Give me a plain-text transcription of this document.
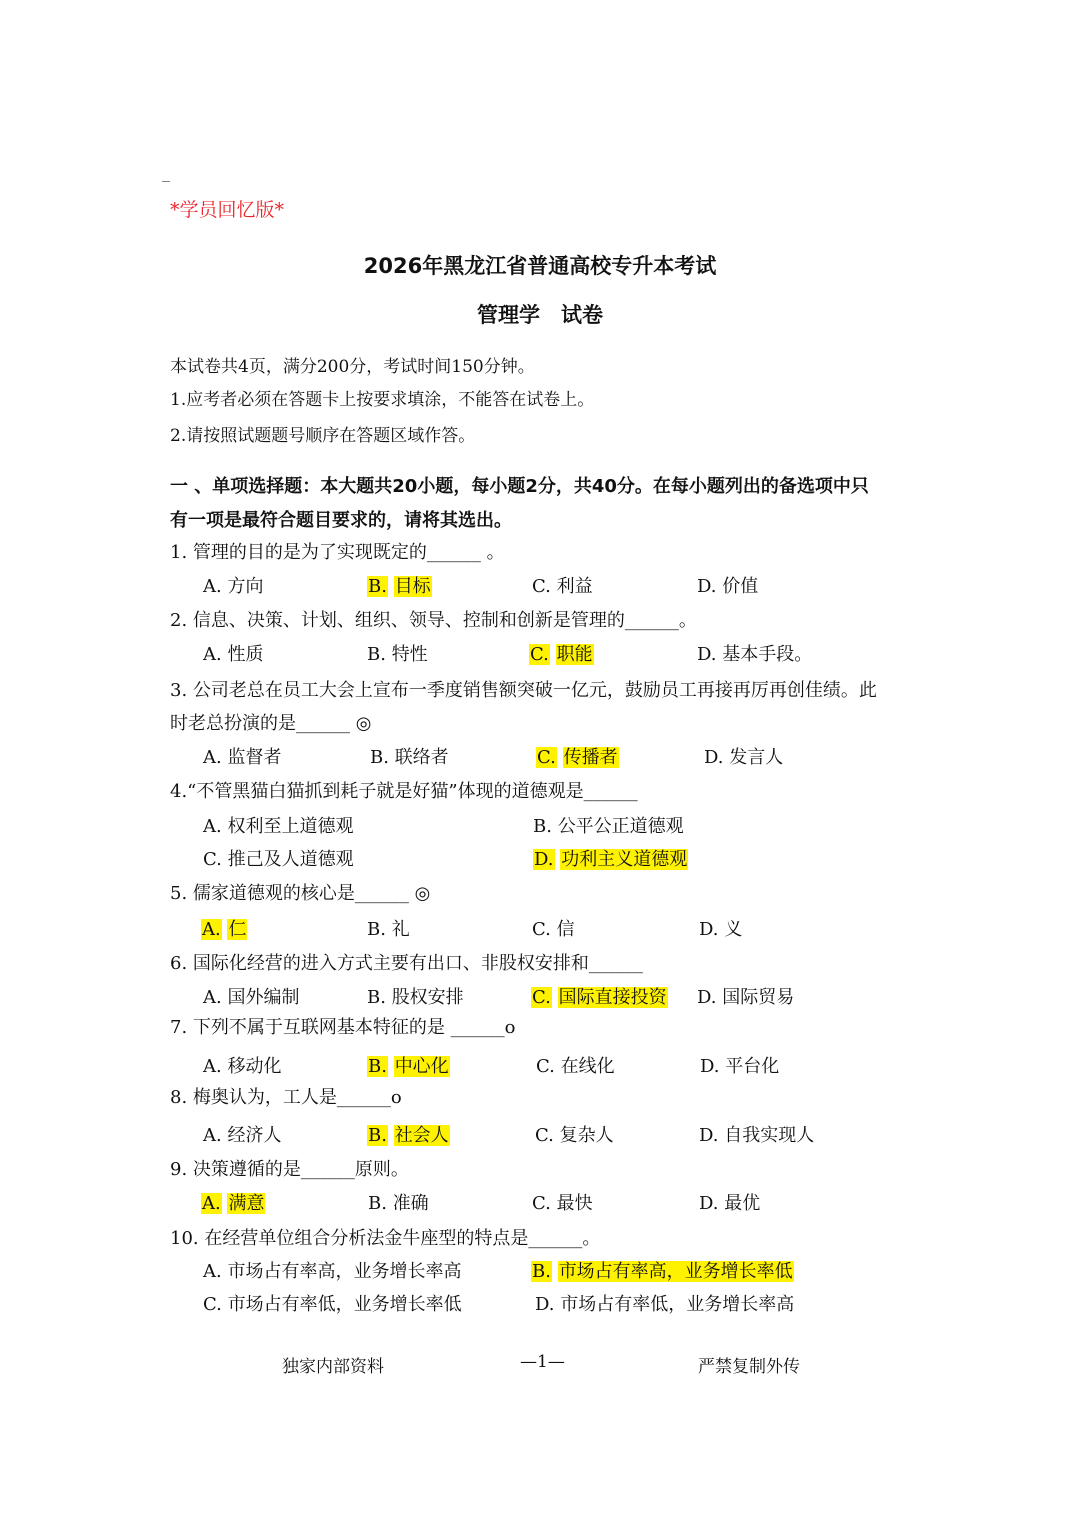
_
*学员回忆版*
2026年黑龙江省普通高校专升本考试
管理学　试卷
本试卷共4页，满分200分，考试时间150分钟。
1.应考者必须在答题卡上按要求填涂，不能答在试卷上。
2.请按照试题题号顺序在答题区域作答。
一 、单项选择题：本大题共20小题，每小题2分，共40分。在每小题列出的备选项中只
有一项是最符合题目要求的，请将其选出。
1. 管理的目的是为了实现既定的______ 。
A. 方向	B. 目标	C. 利益	D. 价值
2. 信息、决策、计划、组织、领导、控制和创新是管理的______。
A. 性质	B. 特性	C. 职能	D. 基本手段。
3. 公司老总在员工大会上宣布一季度销售额突破一亿元，鼓励员工再接再厉再创佳绩。此
时老总扮演的是______ ◎
A. 监督者	B. 联络者	C. 传播者	D. 发言人
4.“不管黑猫白猫抓到耗子就是好猫”体现的道德观是______
A. 权利至上道德观	B. 公平公正道德观
C. 推己及人道德观	D. 功利主义道德观
5. 儒家道德观的核心是______ ◎
A. 仁	B. 礼	C. 信	D. 义
6. 国际化经营的进入方式主要有出口、非股权安排和______
A. 国外编制	B. 股权安排	C. 国际直接投资 D. 国际贸易
7. 下列不属于互联网基本特征的是 ______o
A. 移动化	B. 中心化	C. 在线化	D. 平台化
8. 梅奥认为，工人是______o
A. 经济人	B. 社会人	C. 复杂人	D. 自我实现人
9. 决策遵循的是______原则。
A. 满意	B. 准确	C. 最快	D. 最优
10. 在经营单位组合分析法金牛座型的特点是______。
A. 市场占有率高，业务增长率高	B. 市场占有率高，业务增长率低
C. 市场占有率低，业务增长率低	D. 市场占有率低，业务增长率高
独家内部资料	—1—	严禁复制外传
